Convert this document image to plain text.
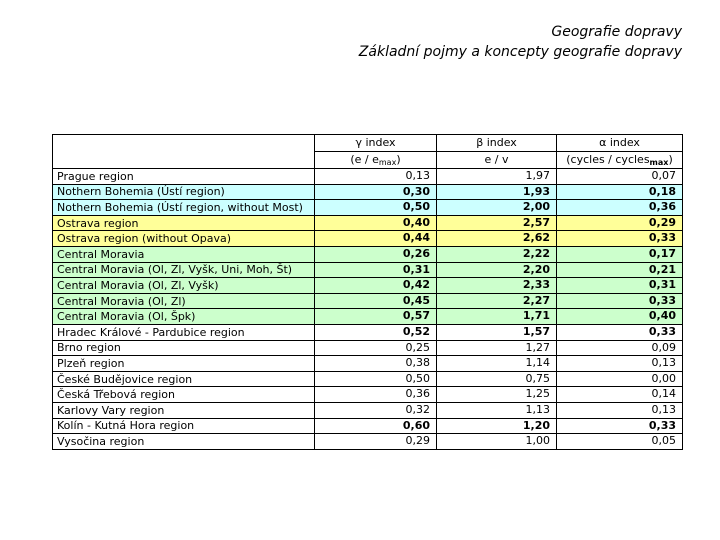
Geografie dopravy
Základní pojmy a koncepty geografie dopravy
	γ index	β index	α index
	$(e / e_{max})$	e / v	(cycles / cycles$_{max}$)
Prague region	0,13	1,97	0,07
Nothern Bohemia (Ústí region)	0,30	1,93	0,18
Nothern Bohemia (Ústí region, without Most)	0,50	2,00	0,36
Ostrava region	0,40	2,57	0,29
Ostrava region (without Opava)	0,44	2,62	0,33
Central Moravia	0,26	2,22	0,17
Central Moravia (Ol, Zl, Vyšk, Uni, Moh, Št)	0,31	2,20	0,21
Central Moravia (Ol, Zl, Vyšk)	0,42	2,33	0,31
Central Moravia (Ol, Zl)	0,45	2,27	0,33
Central Moravia (Ol, Špk)	0,57	1,71	0,40
Hradec Králové - Pardubice region	0,52	1,57	0,33
Brno region	0,25	1,27	0,09
Plzeň region	0,38	1,14	0,13
České Budějovice region	0,50	0,75	0,00
Česká Třebová region	0,36	1,25	0,14
Karlovy Vary region	0,32	1,13	0,13
Kolín - Kutná Hora region	0,60	1,20	0,33
Vysočina region	0,29	1,00	0,05
